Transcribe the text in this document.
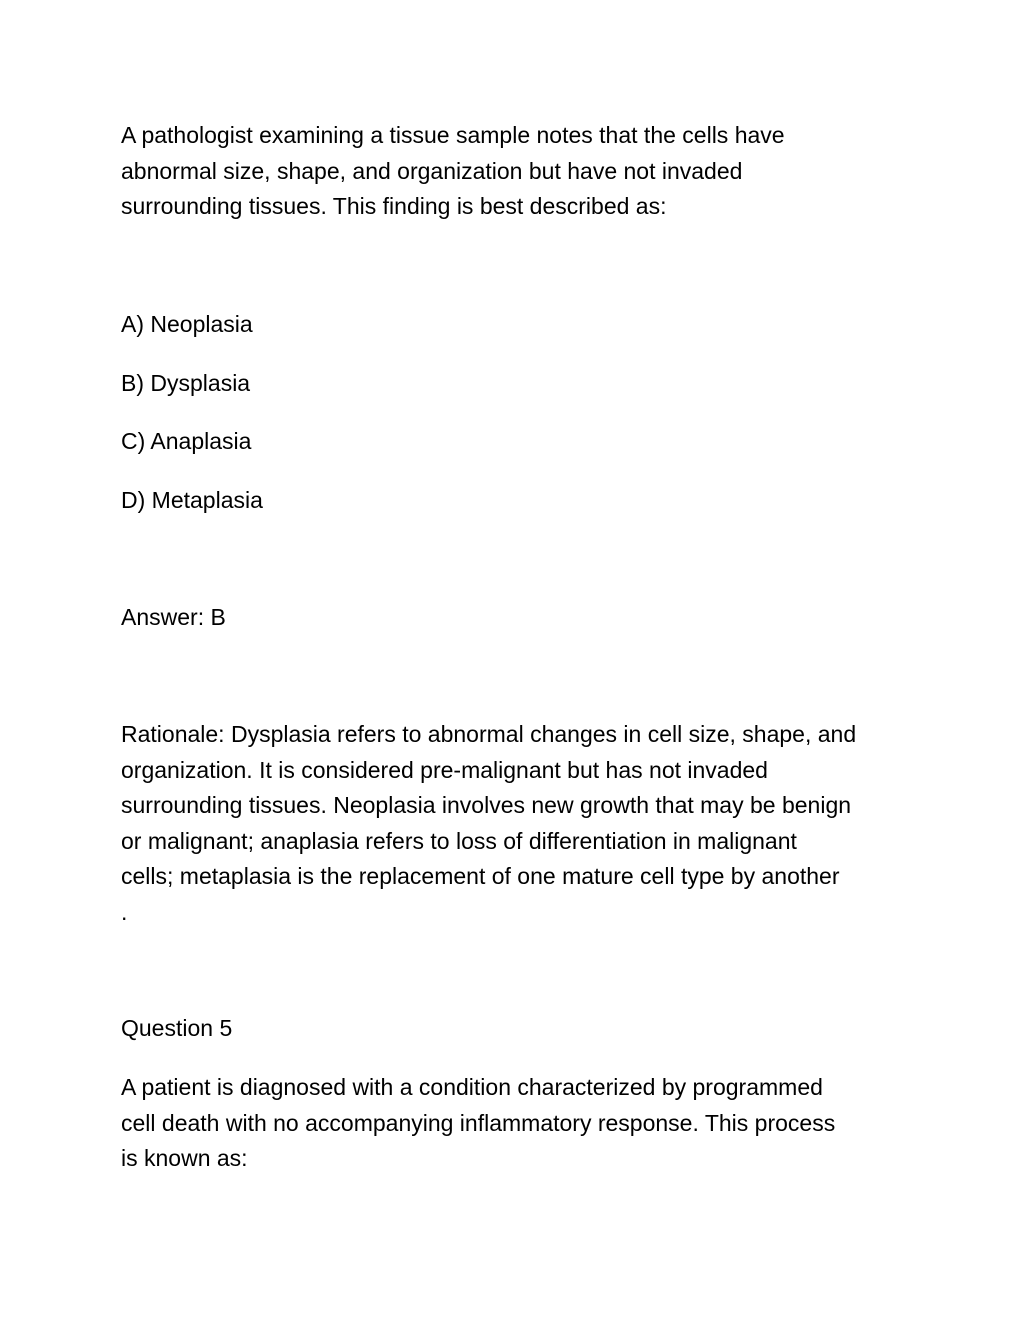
A pathologist examining a tissue sample notes that the cells have
abnormal size, shape, and organization but have not invaded
surrounding tissues. This finding is best described as:
A) Neoplasia
B) Dysplasia
C) Anaplasia
D) Metaplasia
Answer: B
Rationale: Dysplasia refers to abnormal changes in cell size, shape, and
organization. It is considered pre-malignant but has not invaded
surrounding tissues. Neoplasia involves new growth that may be benign
or malignant; anaplasia refers to loss of differentiation in malignant
cells; metaplasia is the replacement of one mature cell type by another
.
Question 5
A patient is diagnosed with a condition characterized by programmed
cell death with no accompanying inflammatory response. This process
is known as:
